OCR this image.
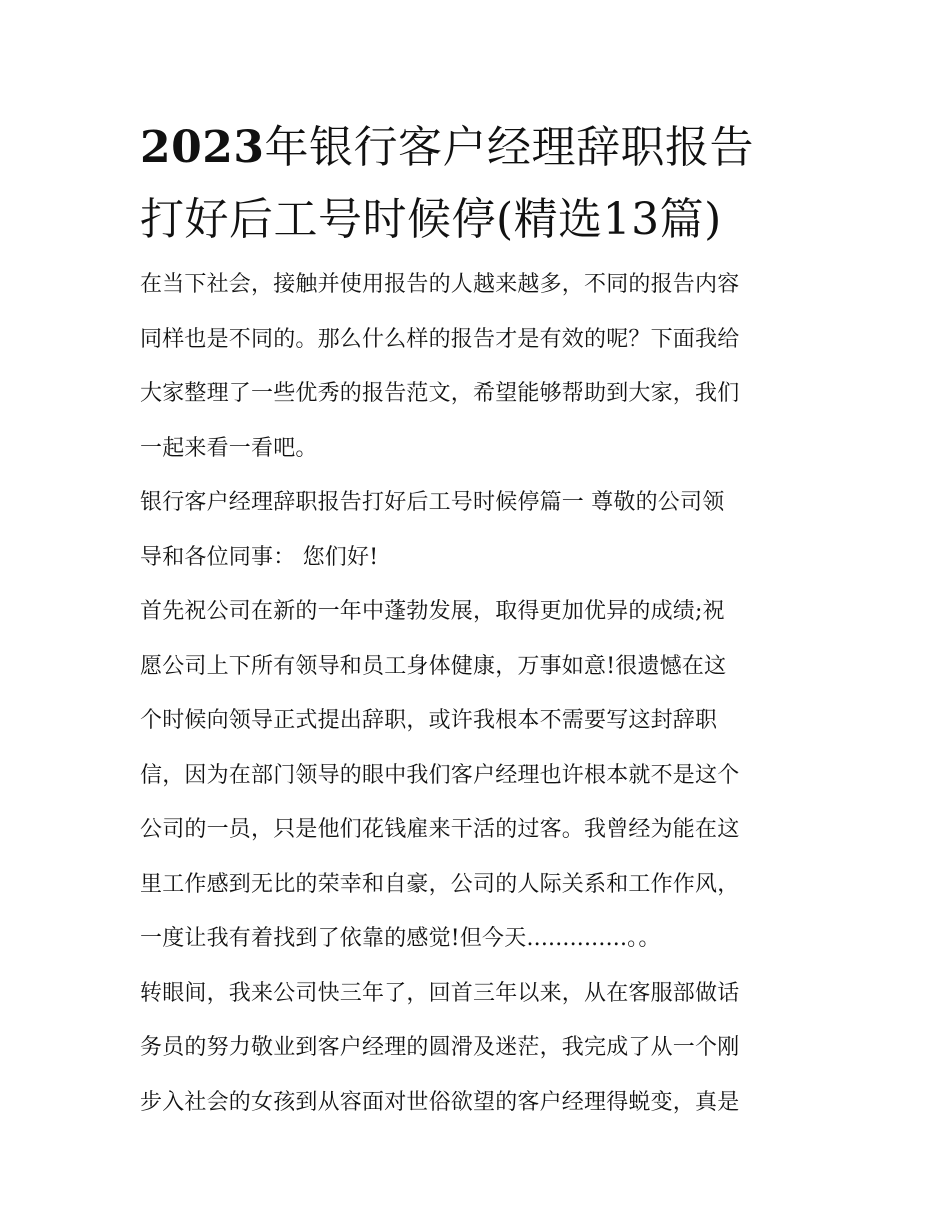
2023年银行客户经理辞职报告
打好后工号时候停(精选13篇)
在当下社会，接触并使用报告的人越来越多，不同的报告内容
同样也是不同的。那么什么样的报告才是有效的呢？下面我给
大家整理了一些优秀的报告范文，希望能够帮助到大家，我们
一起来看一看吧。
银行客户经理辞职报告打好后工号时候停篇一 尊敬的公司领
导和各位同事： 您们好!
首先祝公司在新的一年中蓬勃发展，取得更加优异的成绩;祝
愿公司上下所有领导和员工身体健康，万事如意!很遗憾在这
个时候向领导正式提出辞职，或许我根本不需要写这封辞职
信，因为在部门领导的眼中我们客户经理也许根本就不是这个
公司的一员，只是他们花钱雇来干活的过客。我曾经为能在这
里工作感到无比的荣幸和自豪，公司的人际关系和工作作风，
一度让我有着找到了依靠的感觉!但今天..............。。
转眼间，我来公司快三年了，回首三年以来，从在客服部做话
务员的努力敬业到客户经理的圆滑及迷茫，我完成了从一个刚
步入社会的女孩到从容面对世俗欲望的客户经理得蜕变，真是
